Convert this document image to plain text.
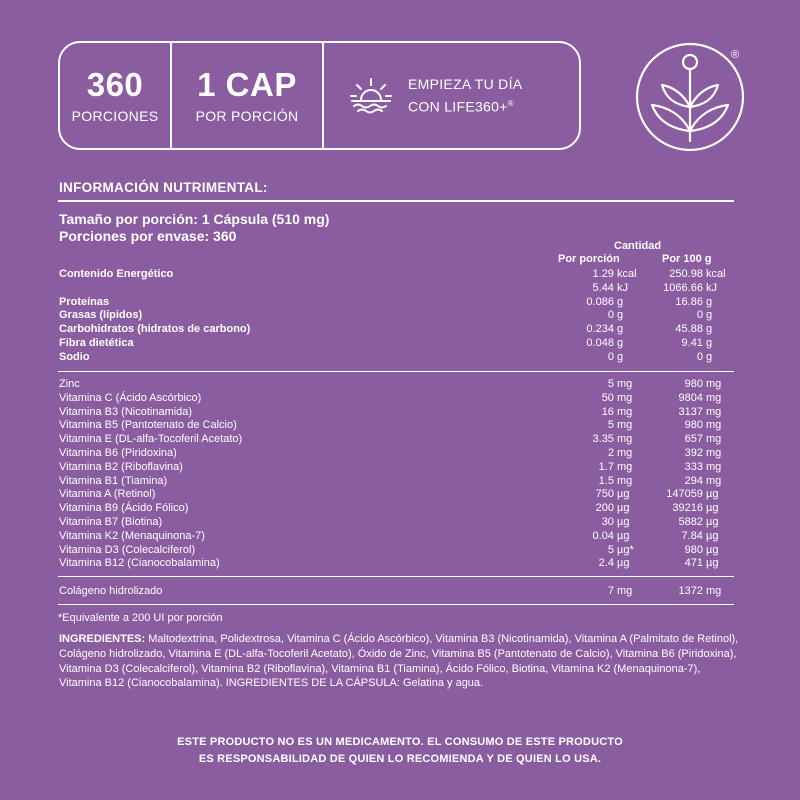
360
PORCIONES
1 CAP
POR PORCIÓN
EMPIEZA TU DÍA
CON LIFE360+®
®
INFORMACIÓN NUTRIMENTAL:
Tamaño por porción: 1 Cápsula (510 mg)
Porciones por envase: 360
Cantidad
Por porción	Por 100 g
Contenido Energético	1.29 kcal	250.98 kcal
5.44 kJ	1066.66 kJ
Proteínas	0.086 g	16.86 g
Grasas (lípidos)	0 g	0 g
Carbohidratos (hidratos de carbono)	0.234 g	45.88 g
Fibra dietética	0.048 g	9.41 g
Sodio	0 g	0 g
Zinc	5 mg	980 mg
Vitamina C (Ácido Ascórbico)	50 mg	9804 mg
Vitamina B3 (Nicotinamida)	16 mg	3137 mg
Vitamina B5 (Pantotenato de Calcio)	5 mg	980 mg
Vitamina E (DL-alfa-Tocoferil Acetato)	3.35 mg	657 mg
Vitamina B6 (Piridoxina)	2 mg	392 mg
Vitamina B2 (Riboflavina)	1.7 mg	333 mg
Vitamina B1 (Tiamina)	1.5 mg	294 mg
Vitamina A (Retinol)	750 µg	147059 µg
Vitamina B9 (Ácido Fólico)	200 µg	39216 µg
Vitamina B7 (Biotina)	30 µg	5882 µg
Vitamina K2 (Menaquinona-7)	0.04 µg	7.84 µg
Vitamina D3 (Colecalciferol)	5 µg*	980 µg
Vitamina B12 (Cianocobalamina)	2.4 µg	471 µg
Colágeno hidrolizado	7 mg	1372 mg
*Equivalente a 200 UI por porción
INGREDIENTES: Maltodextrina, Polidextrosa, Vitamina C (Ácido Ascórbico), Vitamina B3 (Nicotinamida), Vitamina A (Palmitato de Retinol), Colágeno hidrolizado, Vitamina E (DL-alfa-Tocoferil Acetato), Óxido de Zinc, Vitamina B5 (Pantotenato de Calcio), Vitamina B6 (Piridoxina), Vitamina D3 (Colecalciferol), Vitamina B2 (Riboflavina), Vitamina B1 (Tiamina), Ácido Fólico, Biotina, Vitamina K2 (Menaquinona-7), Vitamina B12 (Cianocobalamina). INGREDIENTES DE LA CÁPSULA: Gelatina y agua.
ESTE PRODUCTO NO ES UN MEDICAMENTO. EL CONSUMO DE ESTE PRODUCTO
ES RESPONSABILIDAD DE QUIEN LO RECOMIENDA Y DE QUIEN LO USA.
